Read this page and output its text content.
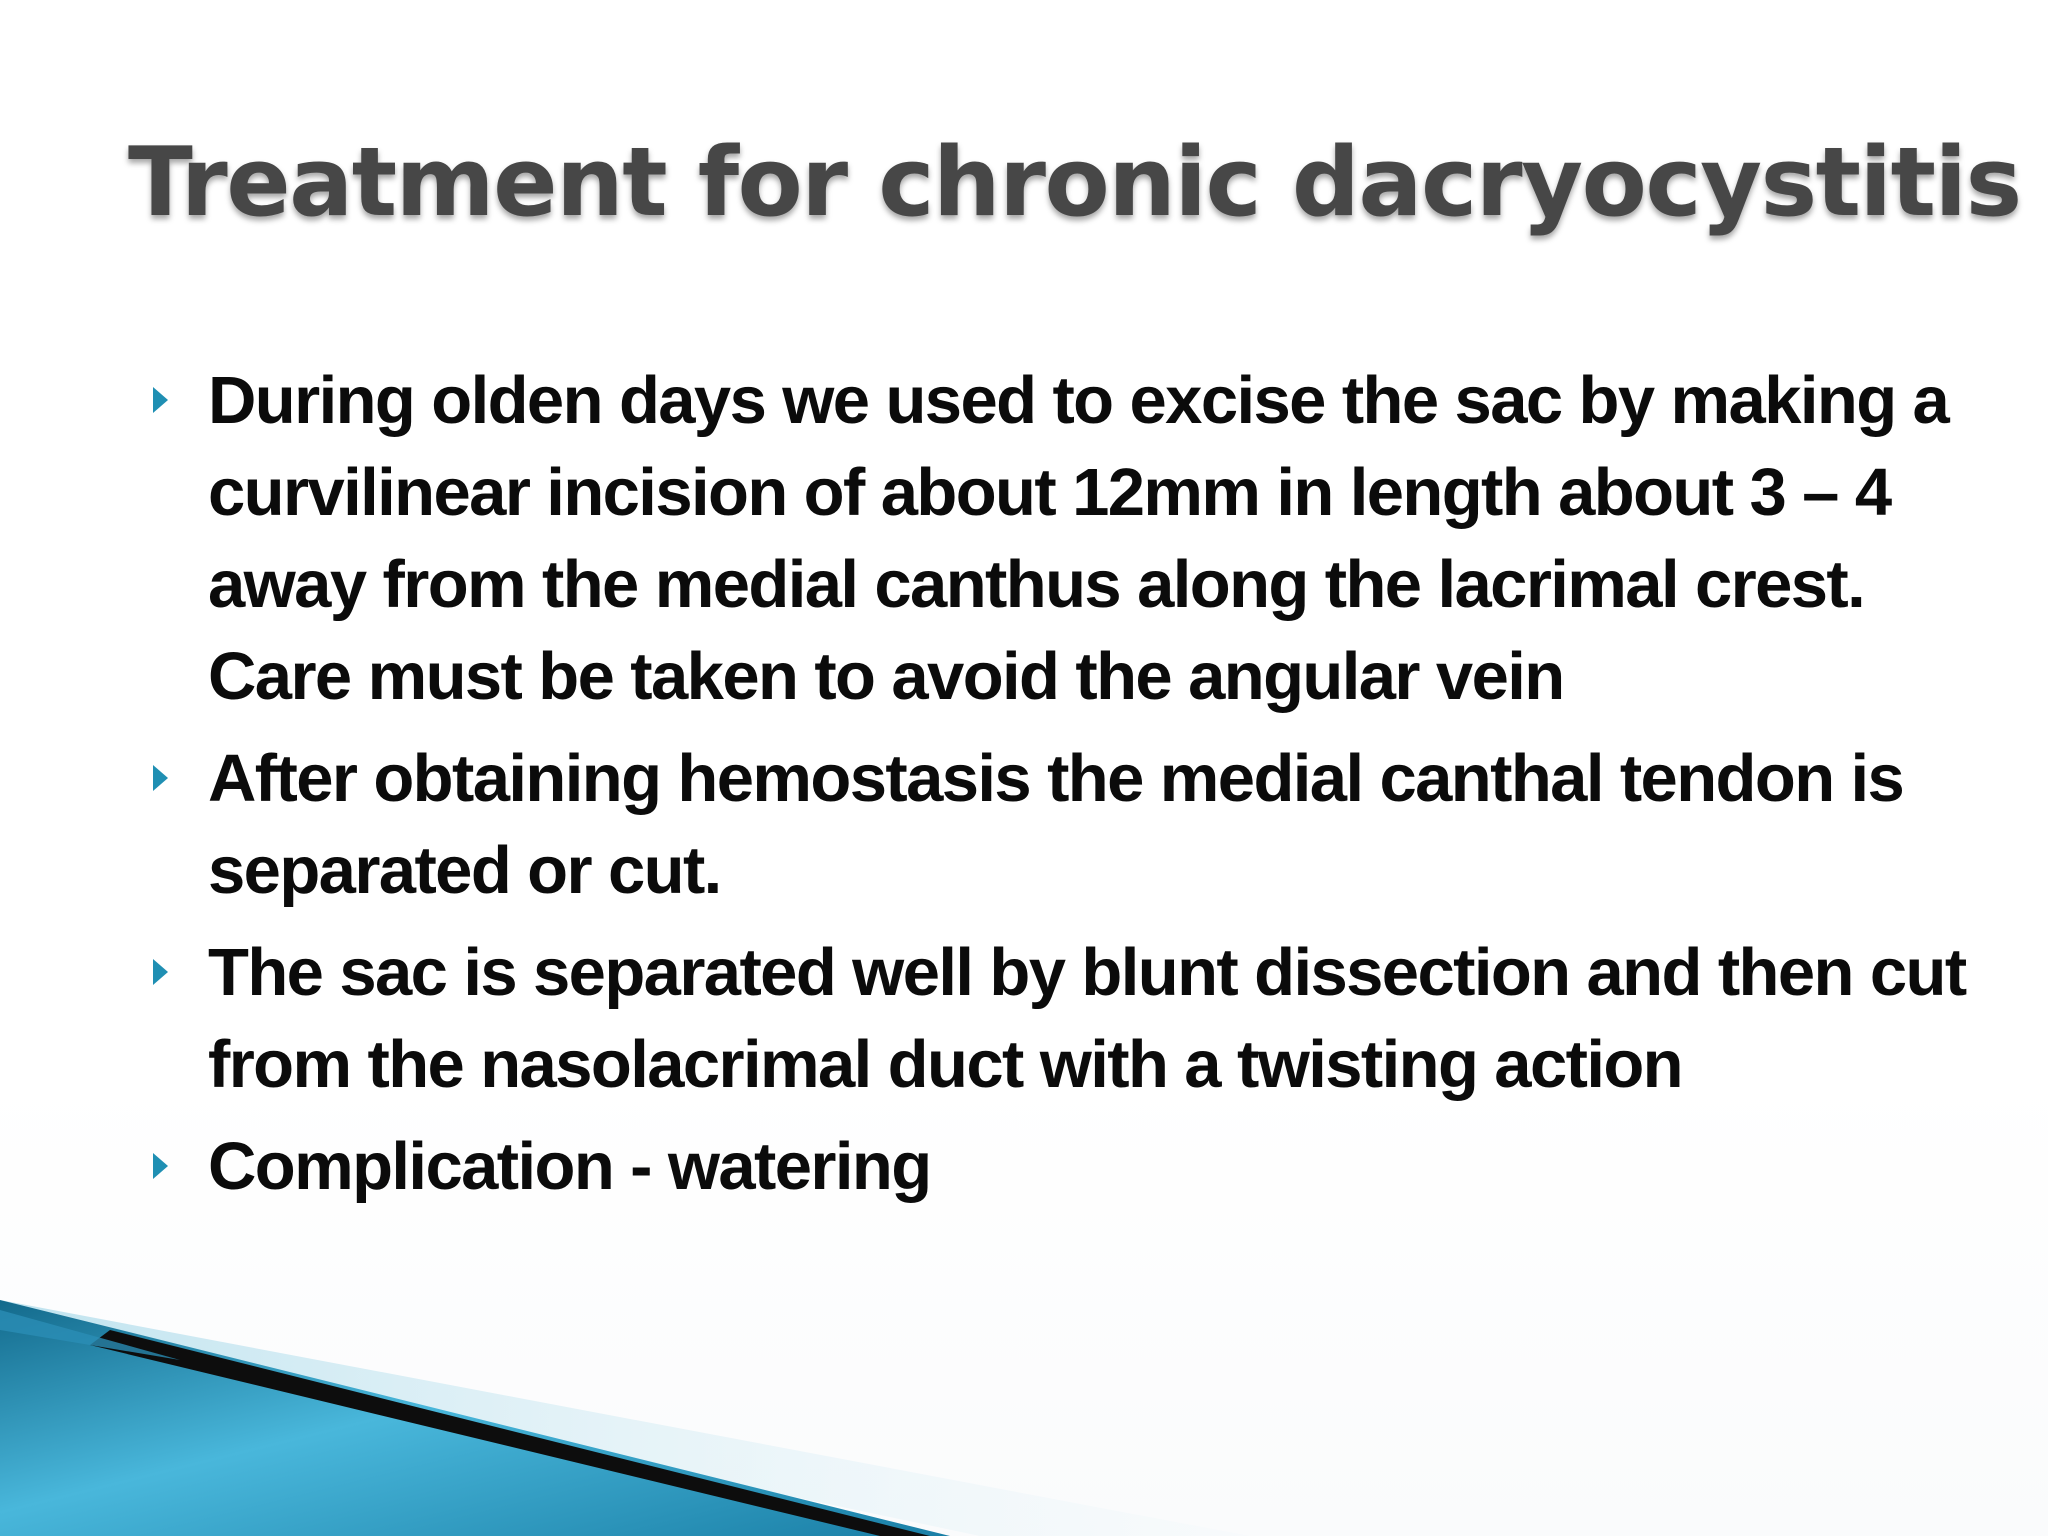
Treatment for chronic dacryocystitis
During olden days we used to excise the sac by making a curvilinear incision of about 12mm in length about 3 – 4 away from the medial canthus along the lacrimal crest. Care must be taken to avoid the angular vein
After obtaining hemostasis the medial canthal tendon is separated or cut.
The sac is separated well by blunt dissection and then cut from the nasolacrimal duct with a twisting action
Complication - watering
